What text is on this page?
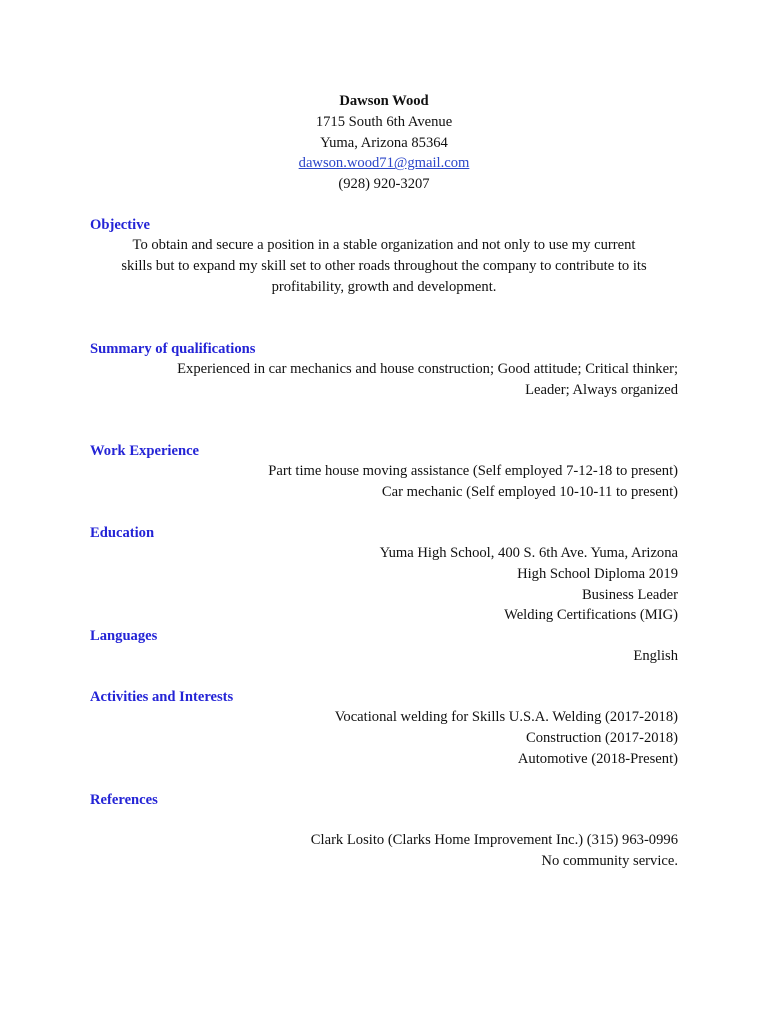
Dawson Wood
1715 South 6th Avenue
Yuma, Arizona 85364
dawson.wood71@gmail.com
(928) 920-3207
Objective
To obtain and secure a position in a stable organization and not only to use my current
skills but to expand my skill set to other roads throughout the company to contribute to its
profitability, growth and development.
Summary of qualifications
Experienced in car mechanics and house construction; Good attitude; Critical thinker;
Leader; Always organized
Work Experience
Part time house moving assistance (Self employed 7-12-18 to present)
Car mechanic (Self employed 10-10-11 to present)
Education
Yuma High School, 400 S. 6th Ave. Yuma, Arizona
High School Diploma 2019
Business Leader
Welding Certifications (MIG)
Languages
English
Activities and Interests
Vocational welding for Skills U.S.A. Welding (2017-2018)
Construction (2017-2018)
Automotive (2018-Present)
References
Clark Losito (Clarks Home Improvement Inc.) (315) 963-0996
No community service.
